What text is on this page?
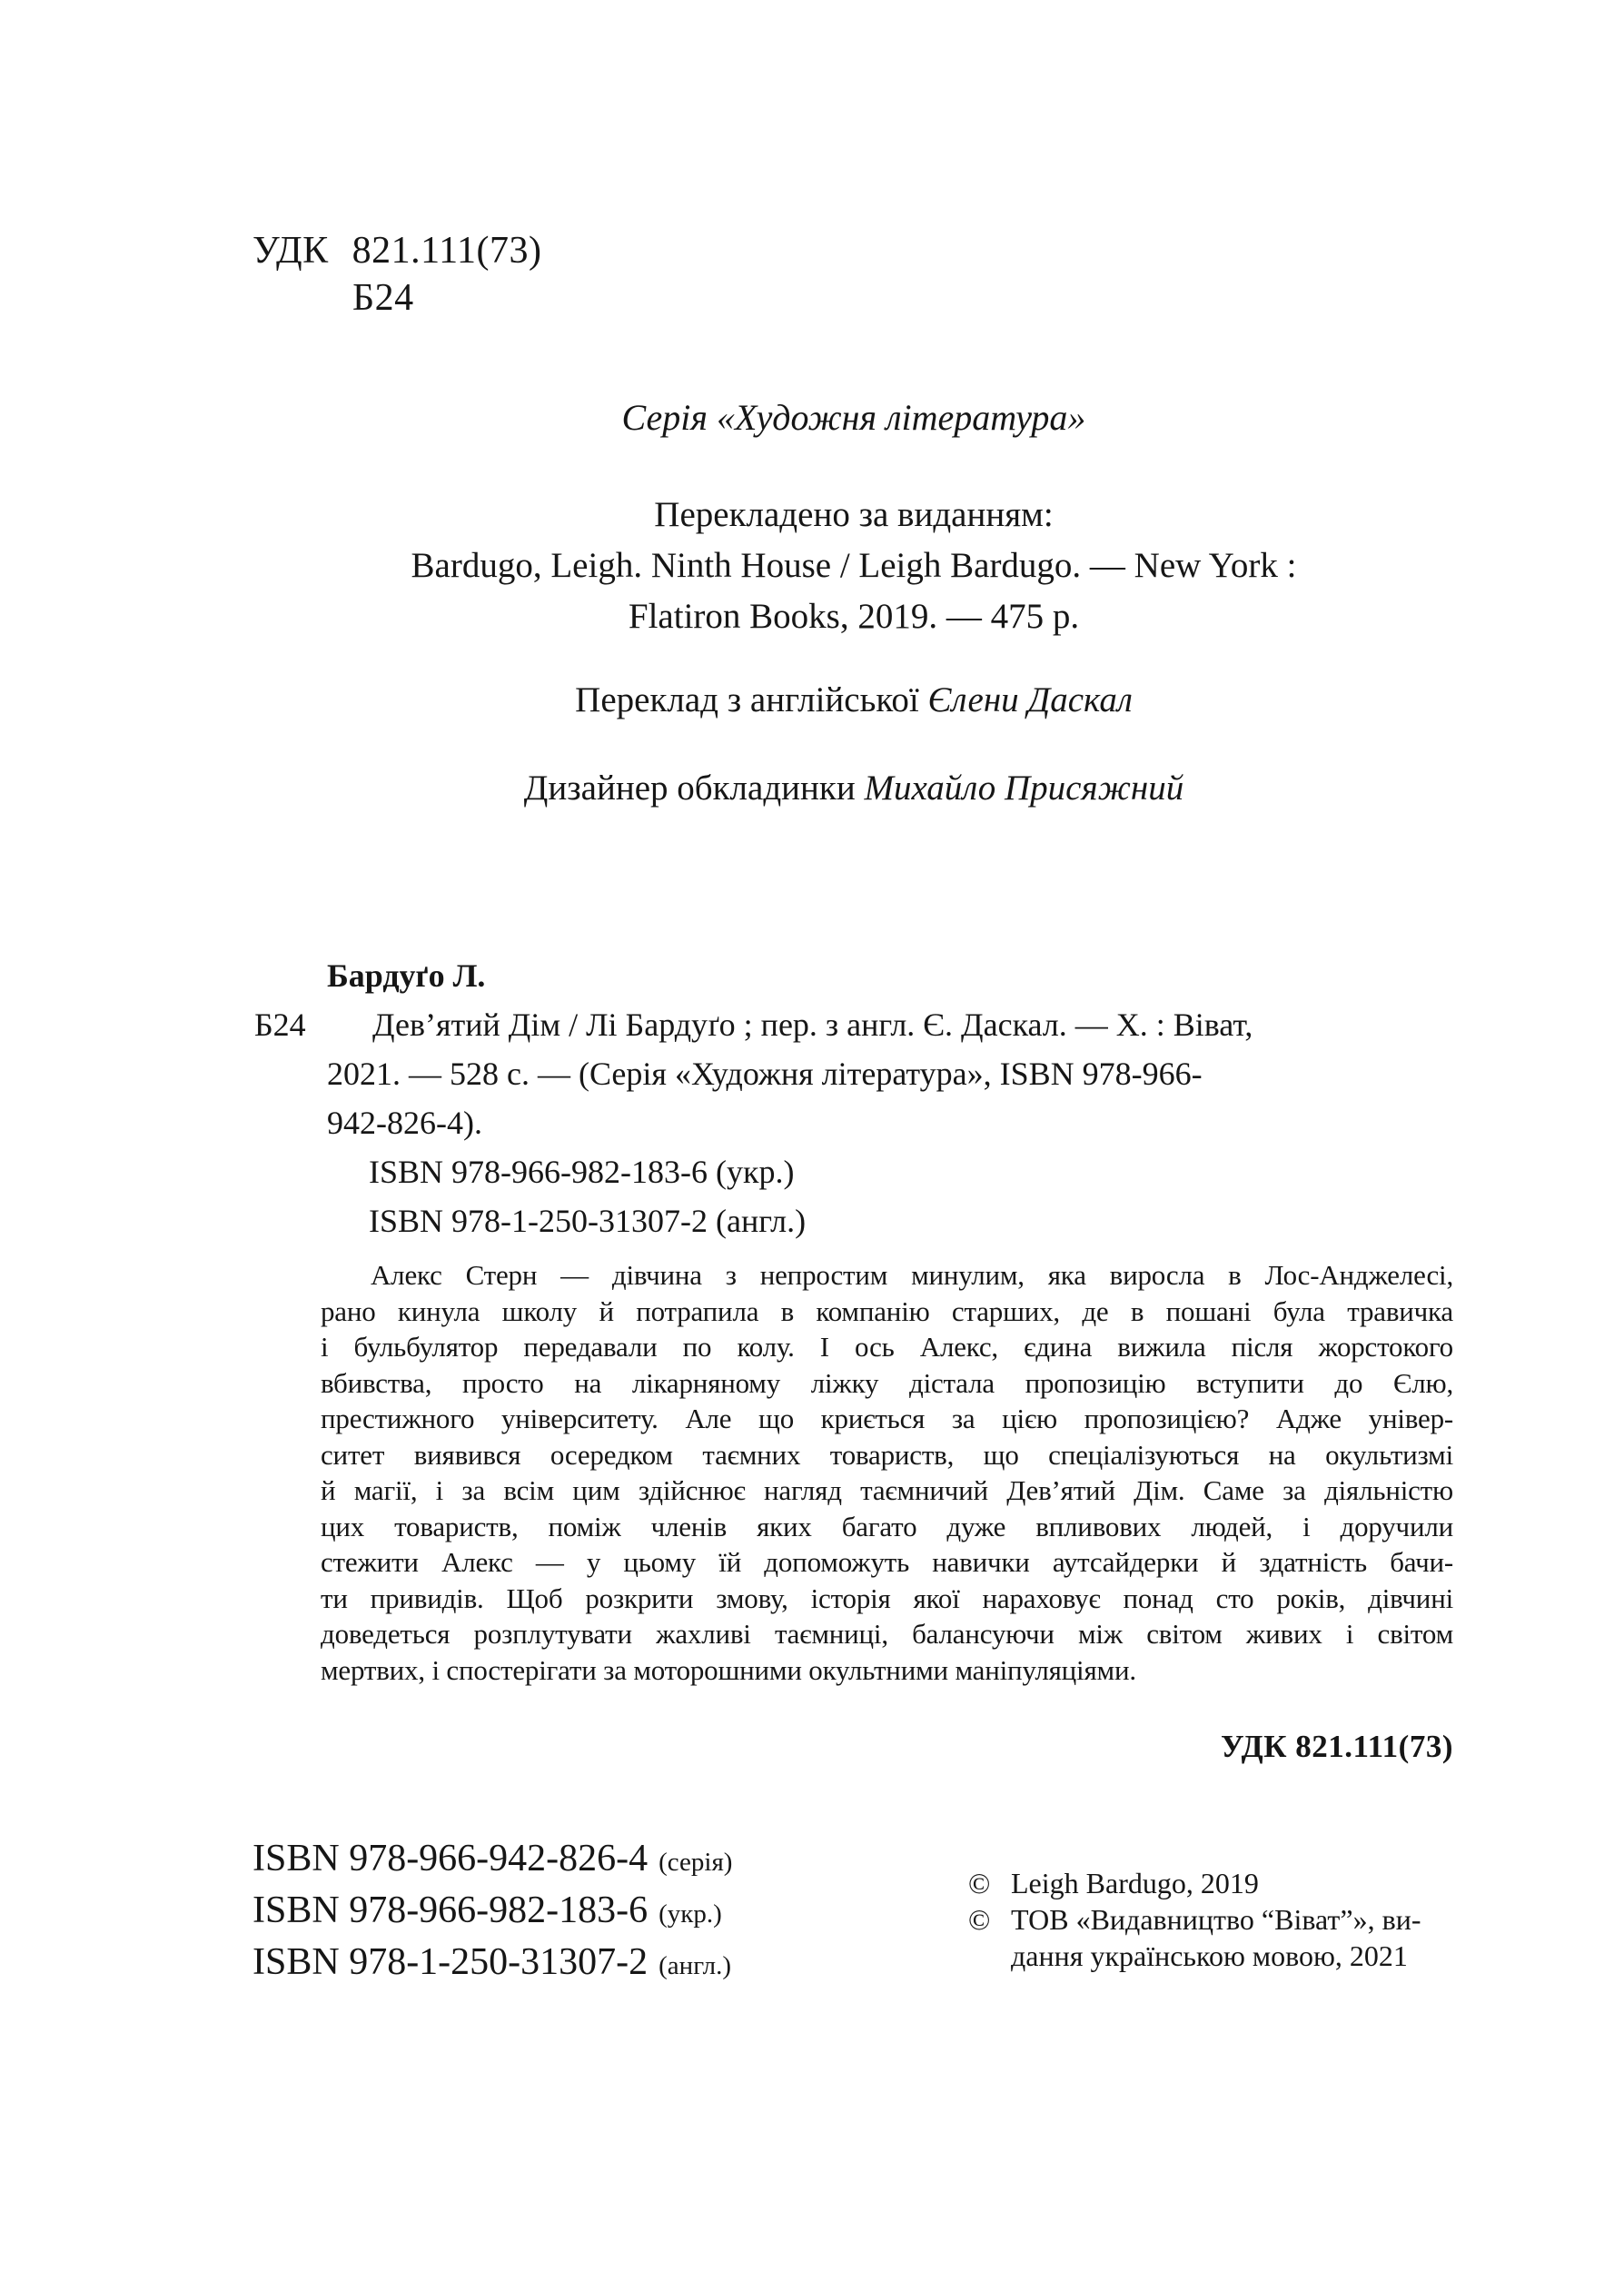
УДК 821.111(73)
Б24
Серія «Художня література»
Перекладено за виданням:
Bardugo, Leigh. Ninth House / Leigh Bardugo. — New York :
Flatiron Books, 2019. — 475 p.
Переклад з англійської Єлени Даскал
Дизайнер обкладинки Михайло Присяжний
Бардуґо Л.
Б24 Дев’ятий Дім / Лі Бардуґо ; пер. з англ. Є. Даскал. — Х. : Віват,
2021. — 528 с. — (Серія «Художня література», ISBN 978-966-
942-826-4).
ISBN 978-966-982-183-6 (укр.)
ISBN 978-1-250-31307-2 (англ.)
Алекс Стерн — дівчина з непростим минулим, яка виросла в Лос-Анджелесі,
рано кинула школу й потрапила в компанію старших, де в пошані була травичка
і бульбулятор передавали по колу. І ось Алекс, єдина вижила після жорстокого
вбивства, просто на лікарняному ліжку дістала пропозицію вступити до Єлю,
престижного університету. Але що криється за цією пропозицією? Адже універ-
ситет виявився осередком таємних товариств, що спеціалізуються на окультизмі
й магії, і за всім цим здійснює нагляд таємничий Дев’ятий Дім. Саме за діяльністю
цих товариств, поміж членів яких багато дуже впливових людей, і доручили
стежити Алекс — у цьому їй допоможуть навички аутсайдерки й здатність бачи-
ти привидів. Щоб розкрити змову, історія якої нараховує понад сто років, дівчині
доведеться розплутувати жахливі таємниці, балансуючи між світом живих і світом
мертвих, і спостерігати за моторошними окультними маніпуляціями.
УДК 821.111(73)
ISBN 978-966-942-826-4 (серія)
ISBN 978-966-982-183-6 (укр.)
ISBN 978-1-250-31307-2 (англ.)
© Leigh Bardugo, 2019
© ТОВ «Видавництво “Віват”», ви-
дання українською мовою, 2021
